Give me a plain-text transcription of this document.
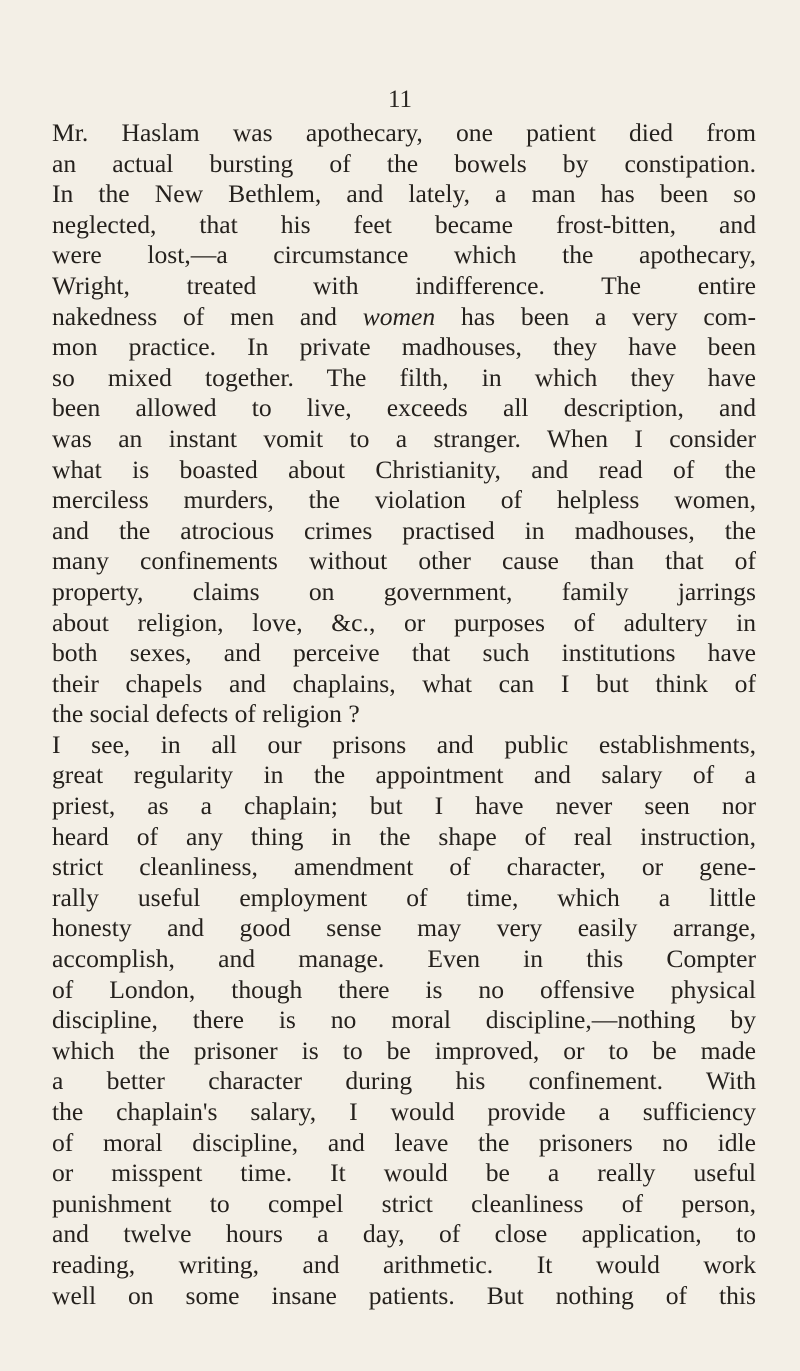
11
Mr. Haslam was apothecary, one patient died from
an actual bursting of the bowels by constipation.
In the New Bethlem, and lately, a man has been so
neglected, that his feet became frost-bitten, and
were lost,—a circumstance which the apothecary,
Wright, treated with indifference. The entire
nakedness of men and women has been a very com-
mon practice. In private madhouses, they have been
so mixed together. The filth, in which they have
been allowed to live, exceeds all description, and
was an instant vomit to a stranger. When I consider
what is boasted about Christianity, and read of the
merciless murders, the violation of helpless women,
and the atrocious crimes practised in madhouses, the
many confinements without other cause than that of
property, claims on government, family jarrings
about religion, love, &c., or purposes of adultery in
both sexes, and perceive that such institutions have
their chapels and chaplains, what can I but think of
the social defects of religion ?
I see, in all our prisons and public establishments,
great regularity in the appointment and salary of a
priest, as a chaplain; but I have never seen nor
heard of any thing in the shape of real instruction,
strict cleanliness, amendment of character, or gene-
rally useful employment of time, which a little
honesty and good sense may very easily arrange,
accomplish, and manage. Even in this Compter
of London, though there is no offensive physical
discipline, there is no moral discipline,—nothing by
which the prisoner is to be improved, or to be made
a better character during his confinement. With
the chaplain's salary, I would provide a sufficiency
of moral discipline, and leave the prisoners no idle
or misspent time. It would be a really useful
punishment to compel strict cleanliness of person,
and twelve hours a day, of close application, to
reading, writing, and arithmetic. It would work
well on some insane patients. But nothing of this
